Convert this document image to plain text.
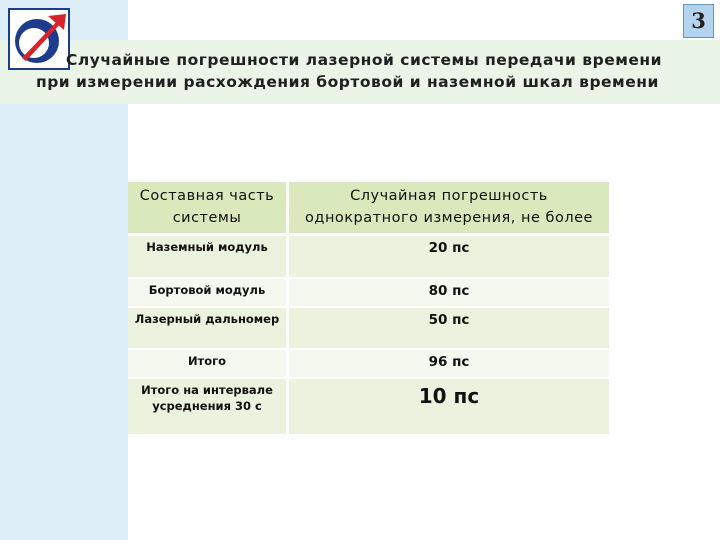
3
Случайные погрешности лазерной системы передачи времени
при измерении расхождения бортовой и наземной шкал времени
Составная часть системы	Случайная погрешность однократного измерения, не более
Наземный модуль	20 пс
Бортовой модуль	80 пс
Лазерный дальномер	50 пс
Итого	96 пс
Итого на интервале усреднения 30 с	10 пс
